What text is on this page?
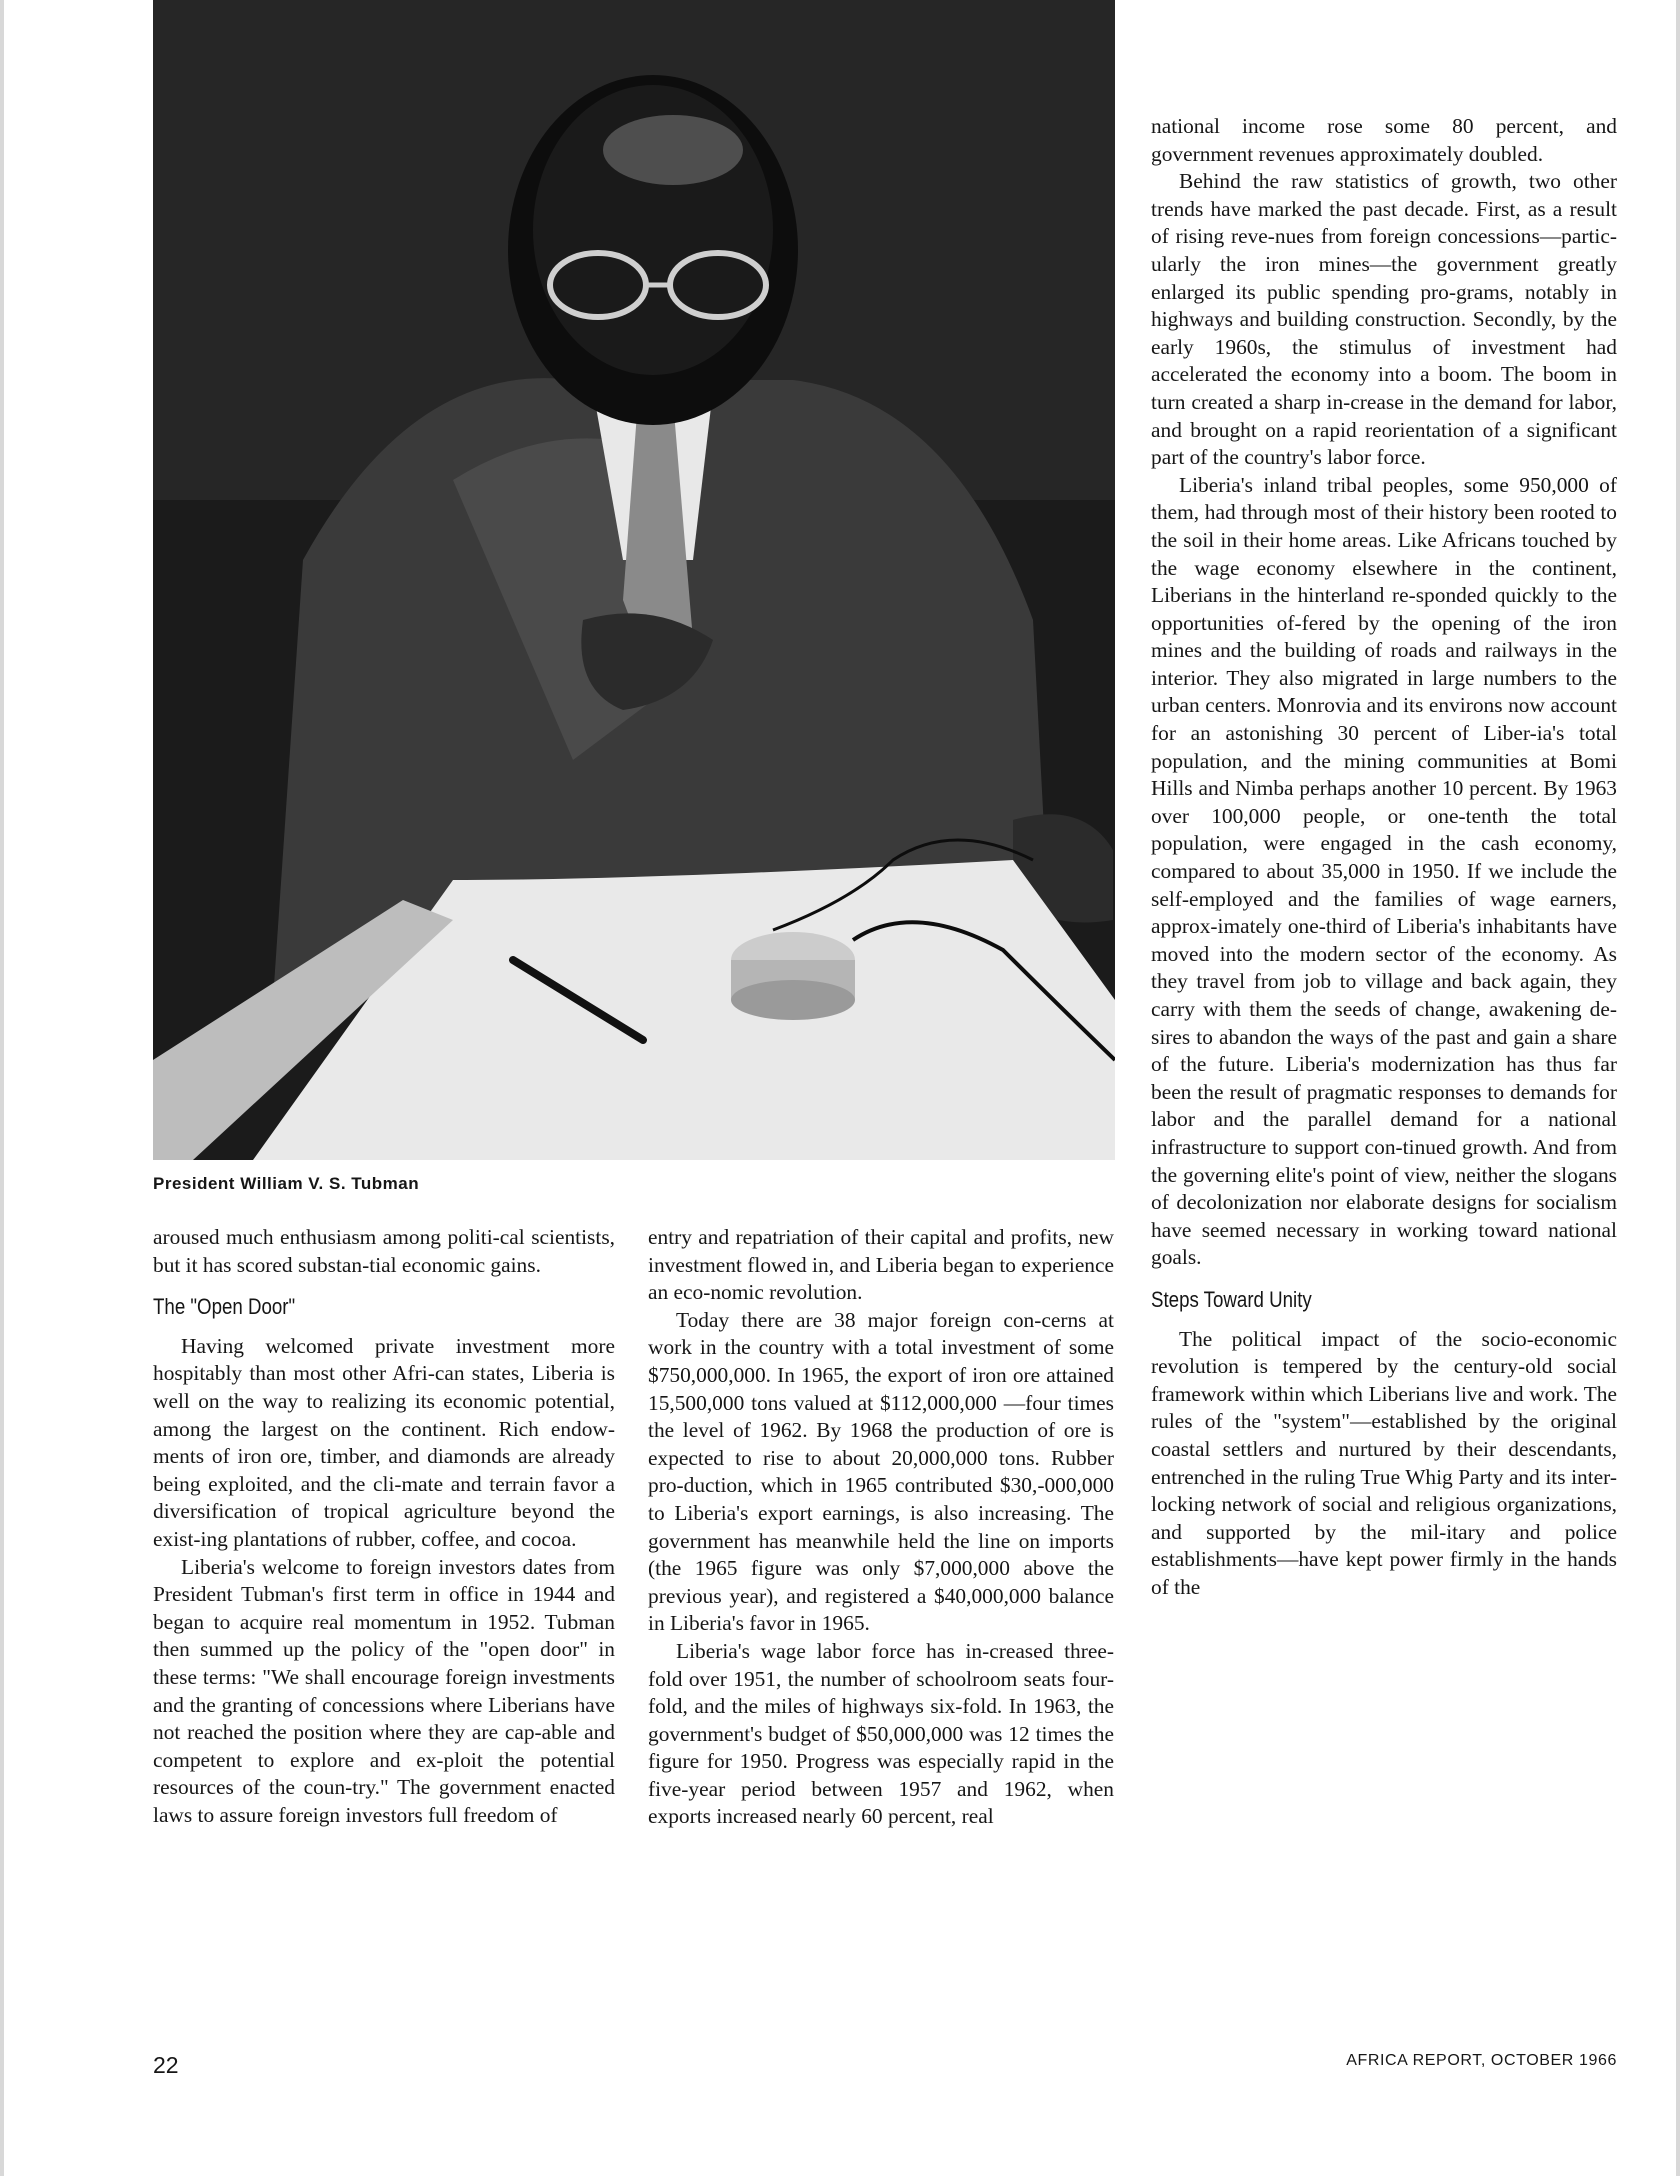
President William V. S. Tubman

aroused much enthusiasm among politi-cal scientists, but it has scored substan-tial economic gains.

The "Open Door"

Having welcomed private investment more hospitably than most other Afri-can states, Liberia is well on the way to realizing its economic potential, among the largest on the continent. Rich endow-ments of iron ore, timber, and diamonds are already being exploited, and the cli-mate and terrain favor a diversification of tropical agriculture beyond the exist-ing plantations of rubber, coffee, and cocoa.

Liberia's welcome to foreign investors dates from President Tubman's first term in office in 1944 and began to acquire real momentum in 1952. Tubman then summed up the policy of the "open door" in these terms: "We shall encourage foreign investments and the granting of concessions where Liberians have not reached the position where they are cap-able and competent to explore and ex-ploit the potential resources of the coun-try." The government enacted laws to assure foreign investors full freedom of

entry and repatriation of their capital and profits, new investment flowed in, and Liberia began to experience an eco-nomic revolution.

Today there are 38 major foreign con-cerns at work in the country with a total investment of some $750,000,000. In 1965, the export of iron ore attained 15,500,000 tons valued at $112,000,000 —four times the level of 1962. By 1968 the production of ore is expected to rise to about 20,000,000 tons. Rubber pro-duction, which in 1965 contributed $30,-000,000 to Liberia's export earnings, is also increasing. The government has meanwhile held the line on imports (the 1965 figure was only $7,000,000 above the previous year), and registered a $40,000,000 balance in Liberia's favor in 1965.

Liberia's wage labor force has in-creased three-fold over 1951, the number of schoolroom seats four-fold, and the miles of highways six-fold. In 1963, the government's budget of $50,000,000 was 12 times the figure for 1950. Progress was especially rapid in the five-year period between 1957 and 1962, when exports increased nearly 60 percent, real

national income rose some 80 percent, and government revenues approximately doubled.

Behind the raw statistics of growth, two other trends have marked the past decade. First, as a result of rising reve-nues from foreign concessions—partic-ularly the iron mines—the government greatly enlarged its public spending pro-grams, notably in highways and building construction. Secondly, by the early 1960s, the stimulus of investment had accelerated the economy into a boom. The boom in turn created a sharp in-crease in the demand for labor, and brought on a rapid reorientation of a significant part of the country's labor force.

Liberia's inland tribal peoples, some 950,000 of them, had through most of their history been rooted to the soil in their home areas. Like Africans touched by the wage economy elsewhere in the continent, Liberians in the hinterland re-sponded quickly to the opportunities of-fered by the opening of the iron mines and the building of roads and railways in the interior. They also migrated in large numbers to the urban centers. Monrovia and its environs now account for an astonishing 30 percent of Liber-ia's total population, and the mining communities at Bomi Hills and Nimba perhaps another 10 percent. By 1963 over 100,000 people, or one-tenth the total population, were engaged in the cash economy, compared to about 35,000 in 1950. If we include the self-employed and the families of wage earners, approx-imately one-third of Liberia's inhabitants have moved into the modern sector of the economy. As they travel from job to village and back again, they carry with them the seeds of change, awakening de-sires to abandon the ways of the past and gain a share of the future. Liberia's modernization has thus far been the result of pragmatic responses to demands for labor and the parallel demand for a national infrastructure to support con-tinued growth. And from the governing elite's point of view, neither the slogans of decolonization nor elaborate designs for socialism have seemed necessary in working toward national goals.

Steps Toward Unity

The political impact of the socio-economic revolution is tempered by the century-old social framework within which Liberians live and work. The rules of the "system"—established by the original coastal settlers and nurtured by their descendants, entrenched in the ruling True Whig Party and its inter-locking network of social and religious organizations, and supported by the mil-itary and police establishments—have kept power firmly in the hands of the

22	AFRICA REPORT, OCTOBER 1966
